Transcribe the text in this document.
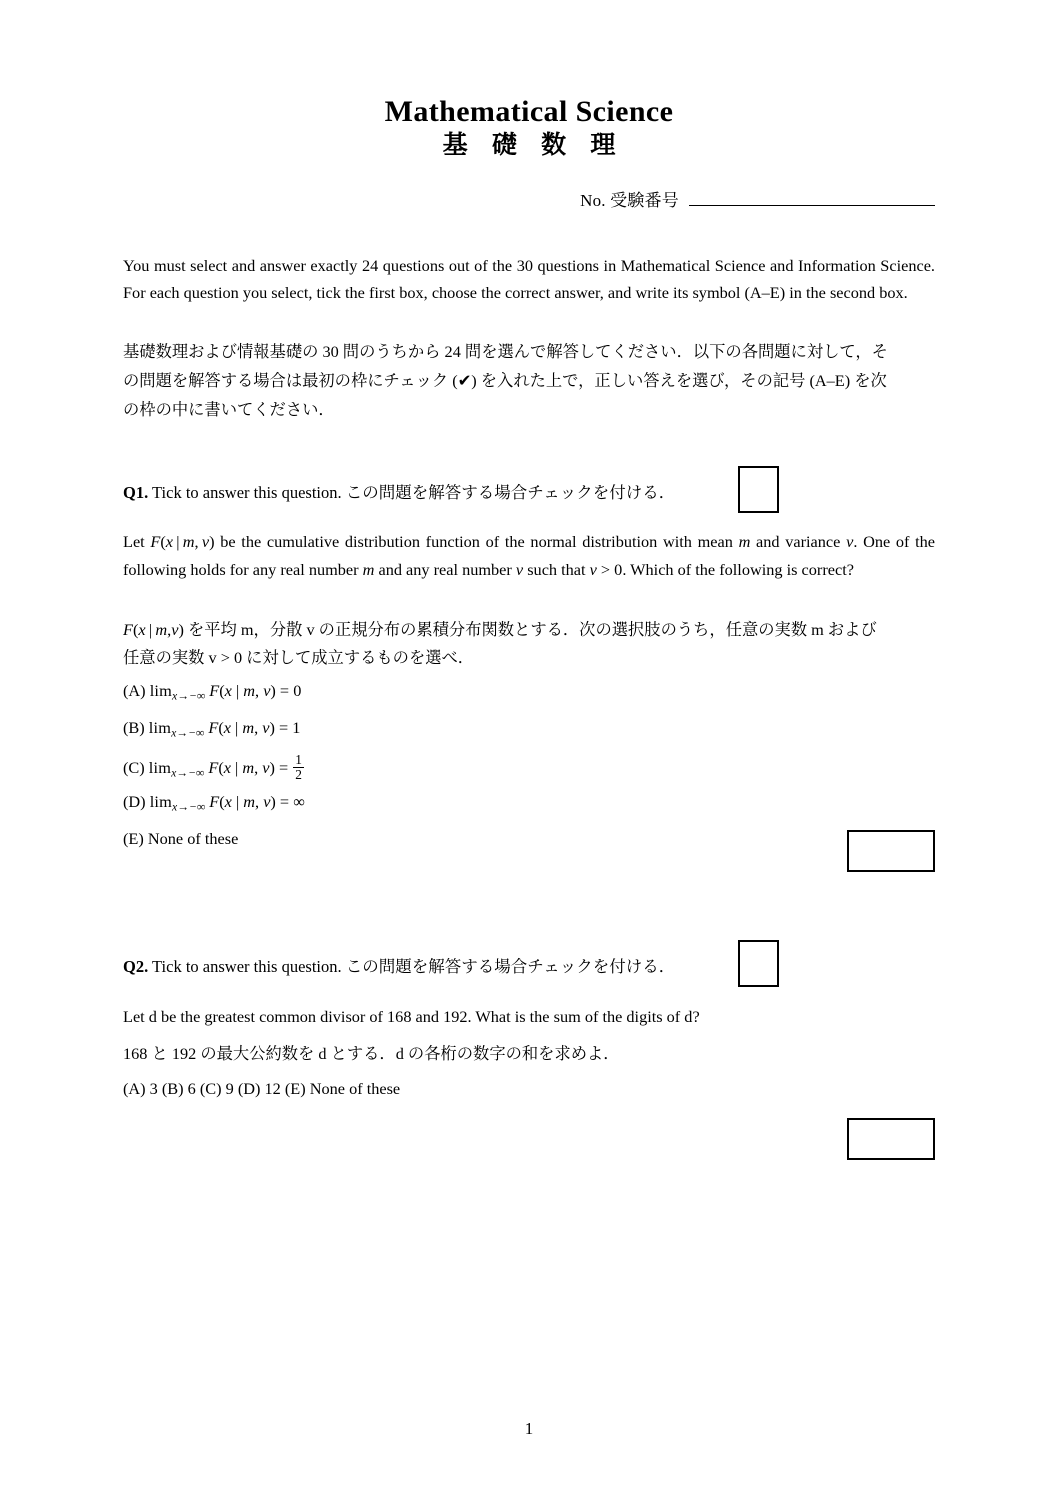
Mathematical Science
基 礎 数 理
No. 受験番号
You must select and answer exactly 24 questions out of the 30 questions in Mathematical Science and Information Science. For each question you select, tick the first box, choose the correct answer, and write its symbol (A–E) in the second box.
基礎数理および情報基礎の 30 問のうちから 24 問を選んで解答してください．以下の各問題に対して，そ
の問題を解答する場合は最初の枠にチェック (✔) を入れた上で，正しい答えを選び，その記号 (A–E) を次
の枠の中に書いてください．
Q1. Tick to answer this question. この問題を解答する場合チェックを付ける．
Let F(x | m, v) be the cumulative distribution function of the normal distribution with mean m and variance v. One of the following holds for any real number m and any real number v such that v > 0. Which of the following is correct?
F(x | m,v) を平均 m，分散 v の正規分布の累積分布関数とする．次の選択肢のうち，任意の実数 m および
任意の実数 v > 0 に対して成立するものを選べ．
(A) $\lim_{x\to-\infty} F(x$ | m, v) = 0
(B) $\lim_{x\to-\infty} F(x$ | m, v) = 1
(C) $\lim_{x\to-\infty} F(x$ | m, $v) = \frac{1}{2}$
(D) $\lim_{x\to-\infty} F(x$ | m, v) = ∞
(E) None of these
Q2. Tick to answer this question. この問題を解答する場合チェックを付ける．
Let d be the greatest common divisor of 168 and 192. What is the sum of the digits of d?
168 と 192 の最大公約数を d とする．d の各桁の数字の和を求めよ．
(A) 3 (B) 6 (C) 9 (D) 12 (E) None of these
1
